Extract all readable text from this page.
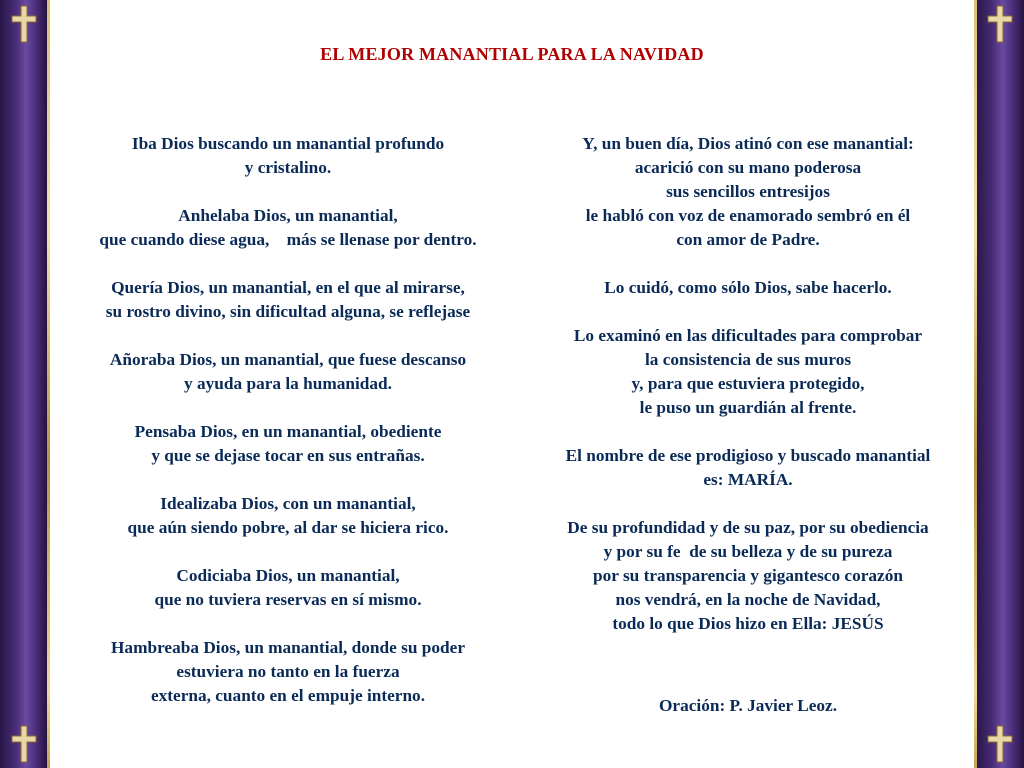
EL MEJOR MANANTIAL PARA LA NAVIDAD
Iba Dios buscando un manantial profundo
y cristalino.
Anhelaba Dios, un manantial,
que cuando diese agua,    más se llenase por dentro.
Quería Dios, un manantial, en el que al mirarse,
su rostro divino, sin dificultad alguna, se reflejase
Añoraba Dios, un manantial, que fuese descanso
y ayuda para la humanidad.
Pensaba Dios, en un manantial, obediente
y que se dejase tocar en sus entrañas.
Idealizaba Dios, con un manantial,
que aún siendo pobre, al dar se hiciera rico.
Codiciaba Dios, un manantial,
que no tuviera reservas en sí mismo.
Hambreaba Dios, un manantial, donde su poder
estuviera no tanto en la fuerza
externa, cuanto en el empuje interno.
Y, un buen día, Dios atinó con ese manantial:
acarició con su mano poderosa
sus sencillos entresijos
le habló con voz de enamorado sembró en él
con amor de Padre.
Lo cuidó, como sólo Dios, sabe hacerlo.
Lo examinó en las dificultades para comprobar
la consistencia de sus muros
y, para que estuviera protegido,
le puso un guardián al frente.
El nombre de ese prodigioso y buscado manantial
es: MARÍA.
De su profundidad y de su paz, por su obediencia
y por su fe  de su belleza y de su pureza
por su transparencia y gigantesco corazón
nos vendrá, en la noche de Navidad,
todo lo que Dios hizo en Ella: JESÚS
Oración: P. Javier Leoz.
